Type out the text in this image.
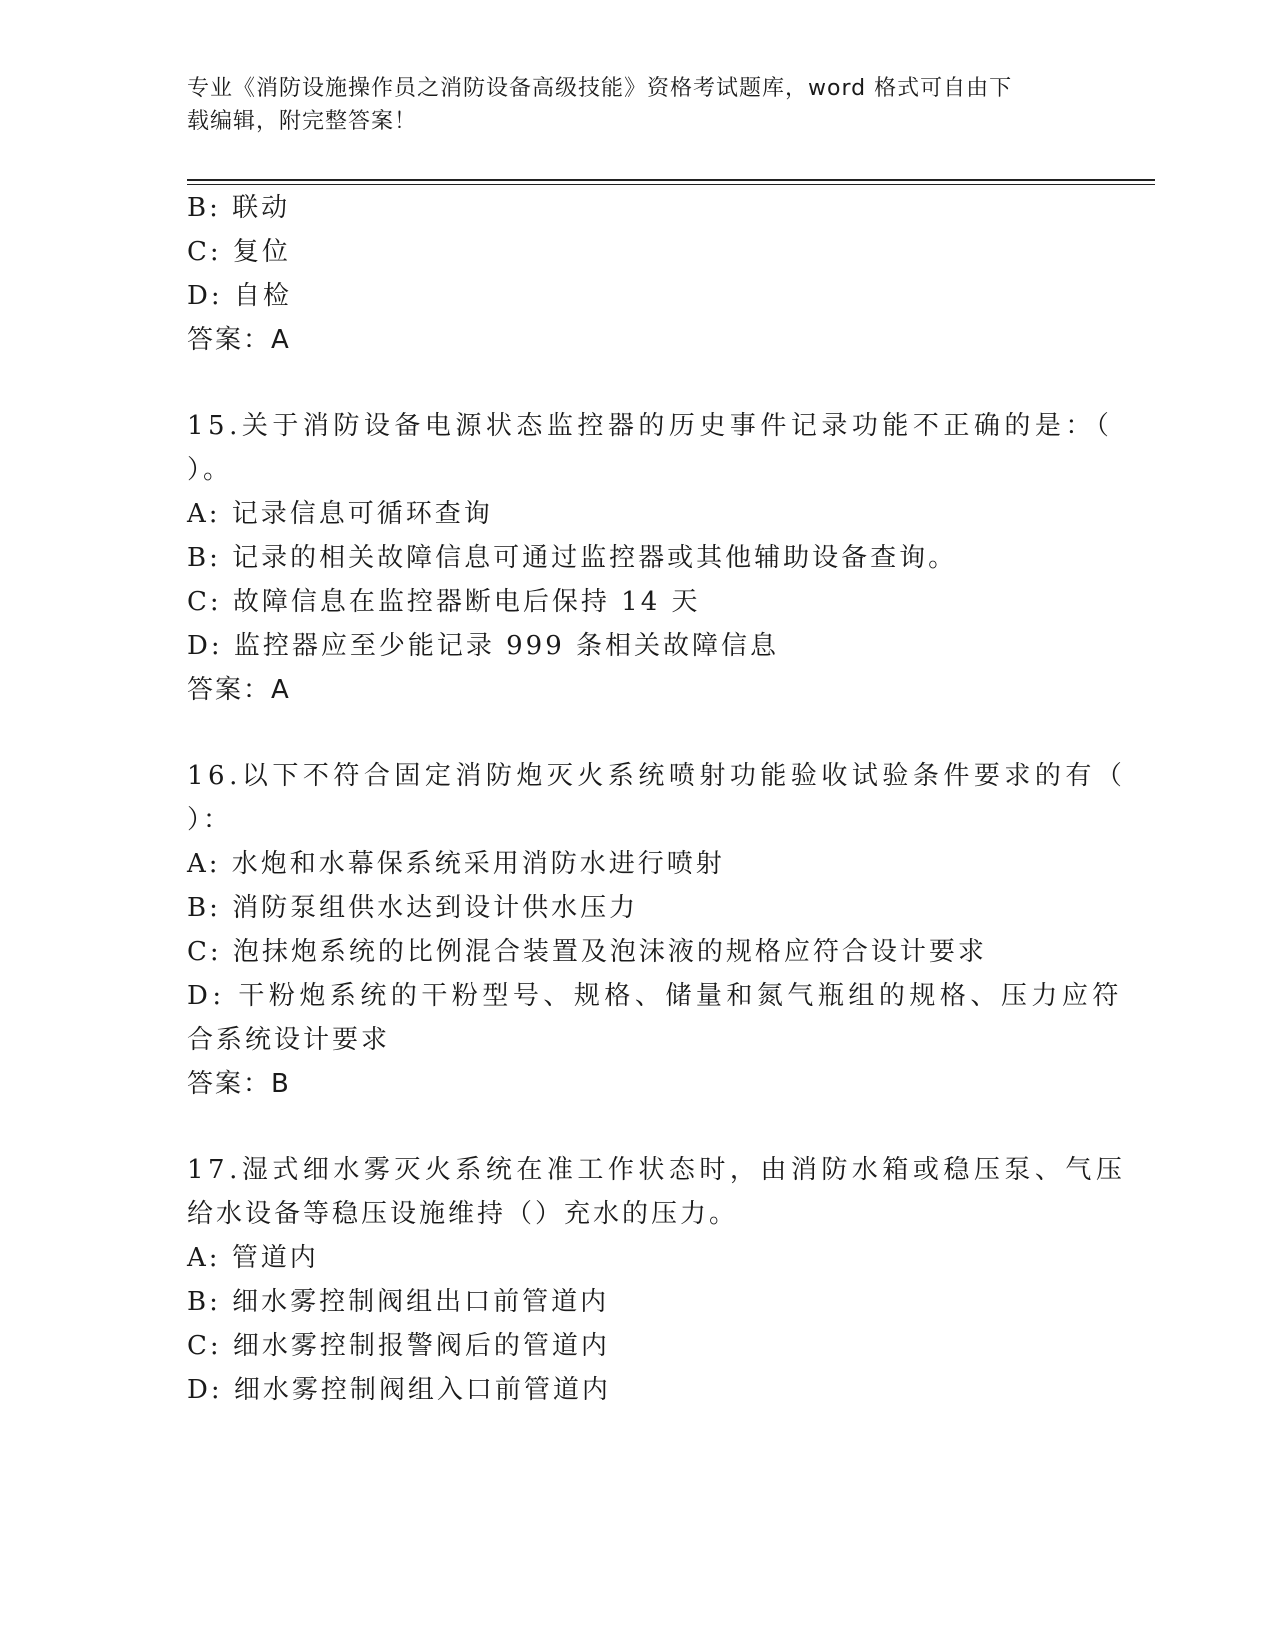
专业《消防设施操作员之消防设备高级技能》资格考试题库，word 格式可自由下
载编辑，附完整答案！
B: 联动
C: 复位
D: 自检
答案：A
15.关于消防设备电源状态监控器的历史事件记录功能不正确的是：（
）。
A: 记录信息可循环查询
B: 记录的相关故障信息可通过监控器或其他辅助设备查询。
C: 故障信息在监控器断电后保持 14 天
D: 监控器应至少能记录 999 条相关故障信息
答案：A
16.以下不符合固定消防炮灭火系统喷射功能验收试验条件要求的有（
）：
A: 水炮和水幕保系统采用消防水进行喷射
B: 消防泵组供水达到设计供水压力
C: 泡抹炮系统的比例混合装置及泡沫液的规格应符合设计要求
D: 干粉炮系统的干粉型号、规格、储量和氮气瓶组的规格、压力应符
合系统设计要求
答案：B
17.湿式细水雾灭火系统在准工作状态时，由消防水箱或稳压泵、气压
给水设备等稳压设施维持（）充水的压力。
A: 管道内
B: 细水雾控制阀组出口前管道内
C: 细水雾控制报警阀后的管道内
D: 细水雾控制阀组入口前管道内
